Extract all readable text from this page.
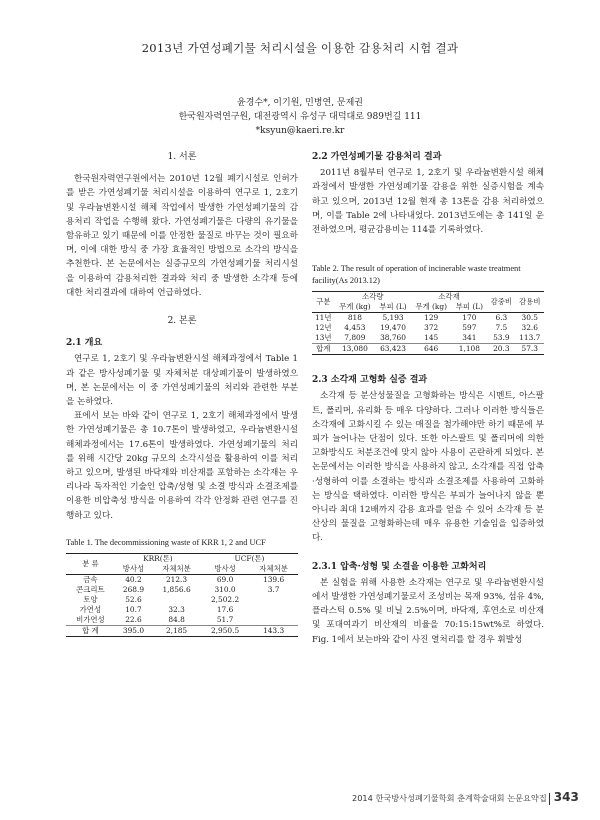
2013년 가연성폐기물 처리시설을 이용한 감용처리 시험 결과
윤경수*, 이기원, 민병연, 문제권
한국원자력연구원, 대전광역시 유성구 대덕대로 989번길 111
*ksyun@kaeri.re.kr
1. 서론

한국원자력연구원에서는 2010년 12월 폐기시설로 인허가를 받은 가연성폐기물 처리시설을 이용하여 연구로 1, 2호기 및 우라늄변환시설 해체 작업에서 발생한 가연성폐기물의 감용처리 작업을 수행해 왔다. 가연성폐기물은 다량의 유기물을 함유하고 있기 때문에 이를 안정한 물질로 바꾸는 것이 필요하며, 이에 대한 방식 중 가장 효율적인 방법으로 소각의 방식을 추천한다. 본 논문에서는 실증규모의 가연성폐기물 처리시설을 이용하여 감용처리한 결과와 처리 중 발생한 소각재 등에 대한 처리결과에 대하여 언급하였다.

2. 본론
2.1 개요

연구로 1, 2호기 및 우라늄변환시설 해체과정에서 Table 1과 같은 방사성폐기물 및 자체처분 대상폐기물이 발생하였으며, 본 논문에서는 이 중 가연성폐기물의 처리와 관련한 부분을 논하였다.

표에서 보는 바와 같이 연구로 1, 2호기 해체과정에서 발생한 가연성폐기물은 총 10.7톤이 발생하였고, 우라늄변환시설 해체과정에서는 17.6톤이 발생하였다. 가연성폐기물의 처리를 위해 시간당 20kg 규모의 소각시설을 활용하여 이를 처리하고 있으며, 발생된 바닥재와 비산재를 포함하는 소각재는 우리나라 독자적인 기술인 압축/성형 및 소결 방식과 소결조제를 이용한 비압축성 방식을 이용하여 각각 안정화 관련 연구를 진행하고 있다.

Table 1. The decommissioning waste of KRR 1, 2 and UCF
분 류	KRR(톤)		UCF(톤)	
	방사성	자체처분	방사성	자체처분
금속	40.2	212.3	69.0	139.6
콘크리트	268.9	1,856.6	310.0	3.7
토양	52.6		2,502.2	
가연성	10.7	32.3	17.6	
비가연성	22.6	84.8	51.7	
합 계	395.0	2,185	2,950.5	143.3
2.2 가연성폐기물 감용처리 결과

2011년 8월부터 연구로 1, 2호기 및 우라늄변환시설 해체과정에서 발생한 가연성폐기물 감용을 위한 실증시험을 계속하고 있으며, 2013년 12월 현재 총 13톤을 감용 처리하였으며, 이를 Table 2에 나타내었다. 2013년도에는 총 141일 운전하였으며, 평균감용비는 114를 기록하였다.

Table 2. The result of operation of incinerable waste treatment facility(As 2013.12)
구분	소각량		소각재		감중비	감용비
	무게 (kg)	부피 (L)	무게 (kg)	부피 (L)		
11년	818	5,193	129	170	6.3	30.5
12년	4,453	19,470	372	597	7.5	32.6
13년	7,809	38,760	145	341	53.9	113.7
합계	13,080	63,423	646	1,108	20.3	57.3
2.3 소각재 고형화 실증 결과

소각재 등 분산성물질을 고형화하는 방식은 시멘트, 아스팔트, 폴리머, 유리화 등 매우 다양하다. 그러나 이러한 방식들은 소각재에 고화시킬 수 있는 매질을 첨가해야만 하기 때문에 부피가 늘어나는 단점이 있다. 또한 아스팔트 및 폴리머에 의한 고화방식도 처분조건에 맞지 않아 사용이 곤란하게 되었다. 본 논문에서는 이러한 방식을 사용하지 않고, 소각재를 직접 압축·성형하여 이를 소결하는 방식과 소결조제를 사용하여 고화하는 방식을 택하였다. 이러한 방식은 부피가 늘어나지 않을 뿐 아니라 최대 12배까지 감용 효과를 얻을 수 있어 소각재 등 분산상의 물질을 고형화하는데 매우 유용한 기술임을 입증하였다.

2.3.1 압축·성형 및 소결을 이용한 고화처리

본 실험을 위해 사용한 소각재는 연구로 및 우라늄변환시설에서 발생한 가연성폐기물로서 조성비는 목재 93%, 섬유 4%, 플라스틱 0.5% 및 비닐 2.5%이며, 바닥재, 후연소로 비산재 및 포대여과기 비산재의 비율을 70:15:15wt%로 하였다. Fig. 1에서 보는바와 같이 사진 열처리를 할 경우 휘발성

2014 한국방사성폐기물학회 춘계학술대회 논문요약집 343
